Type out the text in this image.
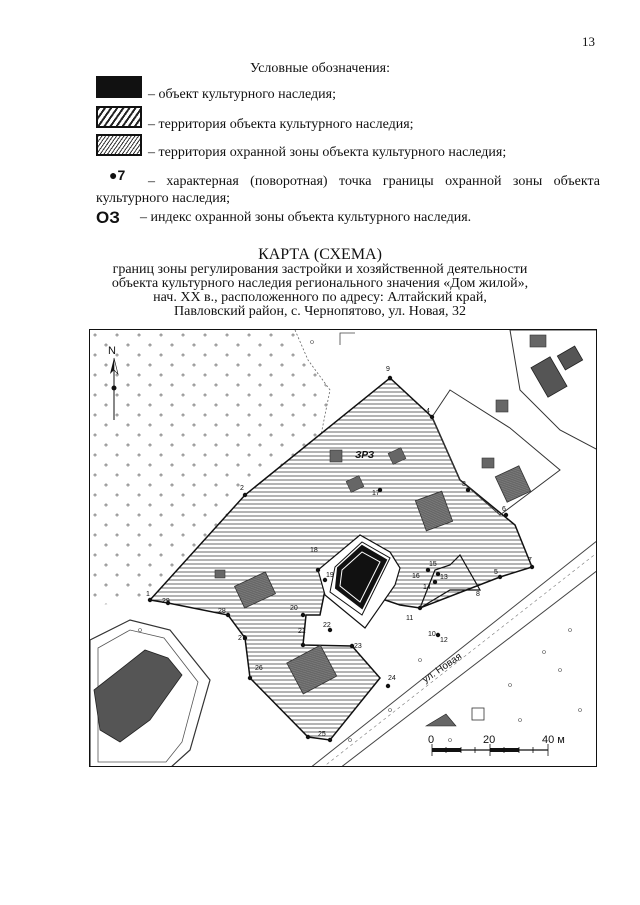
13
Условные обозначения:
– объект культурного наследия;
– территория объекта культурного наследия;
– территория охранной зоны объекта культурного наследия;
●7 – характерная (поворотная) точка границы охранной зоны объекта
культурного наследия;
ОЗ – индекс охранной зоны объекта культурного наследия.
КАРТА (СХЕМА)
границ зоны регулирования застройки и хозяйственной деятельности
объекта культурного наследия регионального значения «Дом жилой»,
нач. XX в., расположенного по адресу: Алтайский край,
Павловский район, с. Чернопятово, ул. Новая, 32
1
2
9
4
5
6
7
3
10
11
13
14
15
16
17
18
19
20
21
22
23
24
25
26
27
28
29
8
12
ЗРЗ
ул. Новая
N
0	20	40 м
